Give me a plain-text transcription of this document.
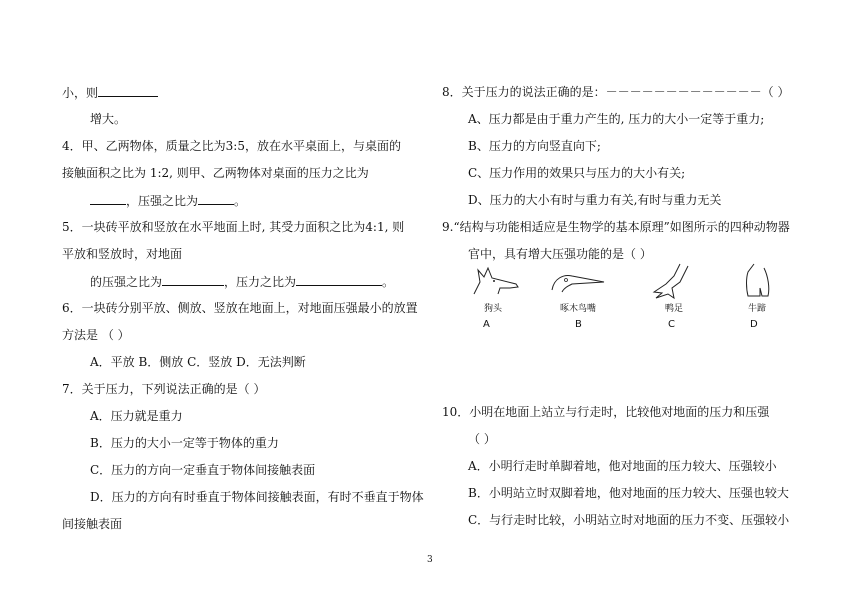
小，则
增大。
4．甲、乙两物体，质量之比为3:5，放在水平桌面上，与桌面的
接触面积之比为 1:2, 则甲、乙两物体对桌面的压力之比为
，压强之比为	。
5．一块砖平放和竖放在水平地面上时, 其受力面积之比为4:1, 则
平放和竖放时，对地面
的压强之比为	，压力之比为	。
6．一块砖分别平放、侧放、竖放在地面上，对地面压强最小的放置
方法是 （ ）
A．平放 B．侧放 C．竖放 D．无法判断
7．关于压力，下列说法正确的是（ ）
A．压力就是重力
B．压力的大小一定等于物体的重力
C．压力的方向一定垂直于物体间接触表面
D．压力的方向有时垂直于物体间接触表面，有时不垂直于物体
间接触表面
8．关于压力的说法正确的是：－－－－－－－－－－－－－（ ）
A、压力都是由于重力产生的, 压力的大小一定等于重力;
B、压力的方向竖直向下;
C、压力作用的效果只与压力的大小有关;
D、压力的大小有时与重力有关,有时与重力无关
9.“结构与功能相适应是生物学的基本原理”如图所示的四种动物器
官中，具有增大压强功能的是（ ）
狗头	啄木鸟嘴	鸭足	牛蹄
A	B	C	D
10．小明在地面上站立与行走时，比较他对地面的压力和压强
（ ）
A．小明行走时单脚着地，他对地面的压力较大、压强较小
B．小明站立时双脚着地，他对地面的压力较大、压强也较大
C．与行走时比较，小明站立时对地面的压力不变、压强较小
3
